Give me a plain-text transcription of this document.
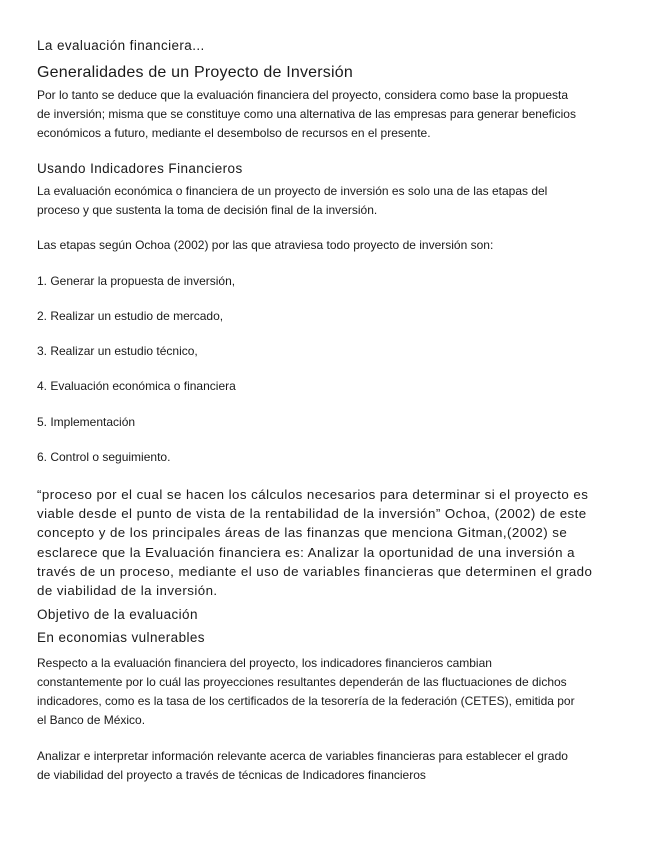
La evaluación financiera...

Generalidades de un Proyecto de Inversión

Por lo tanto se deduce que la evaluación financiera del proyecto, considera como base la propuesta
de inversión; misma que se constituye como una alternativa de las empresas para generar beneficios
económicos a futuro, mediante el desembolso de recursos en el presente.

Usando Indicadores Financieros

La evaluación económica o financiera de un proyecto de inversión es solo una de las etapas del
proceso y que sustenta la toma de decisión final de la inversión.

Las etapas según Ochoa (2002) por las que atraviesa todo proyecto de inversión son:

1. Generar la propuesta de inversión,

2. Realizar un estudio de mercado,

3. Realizar un estudio técnico,

4. Evaluación económica o financiera

5. Implementación

6. Control o seguimiento.

“proceso por el cual se hacen los cálculos necesarios para determinar si el proyecto es
viable desde el punto de vista de la rentabilidad de la inversión” Ochoa, (2002) de este
concepto y de los principales áreas de las finanzas que menciona Gitman,(2002) se
esclarece que la Evaluación financiera es: Analizar la oportunidad de una inversión a
través de un proceso, mediante el uso de variables financieras que determinen el grado
de viabilidad de la inversión.

Objetivo de la evaluación

En economias vulnerables

Respecto a la evaluación financiera del proyecto, los indicadores financieros cambian
constantemente por lo cuál las proyecciones resultantes dependerán de las fluctuaciones de dichos
indicadores, como es la tasa de los certificados de la tesorería de la federación (CETES), emitida por
el Banco de México.
Analizar e interpretar información relevante acerca de variables financieras para establecer el grado
de viabilidad del proyecto a través de técnicas de Indicadores financieros
